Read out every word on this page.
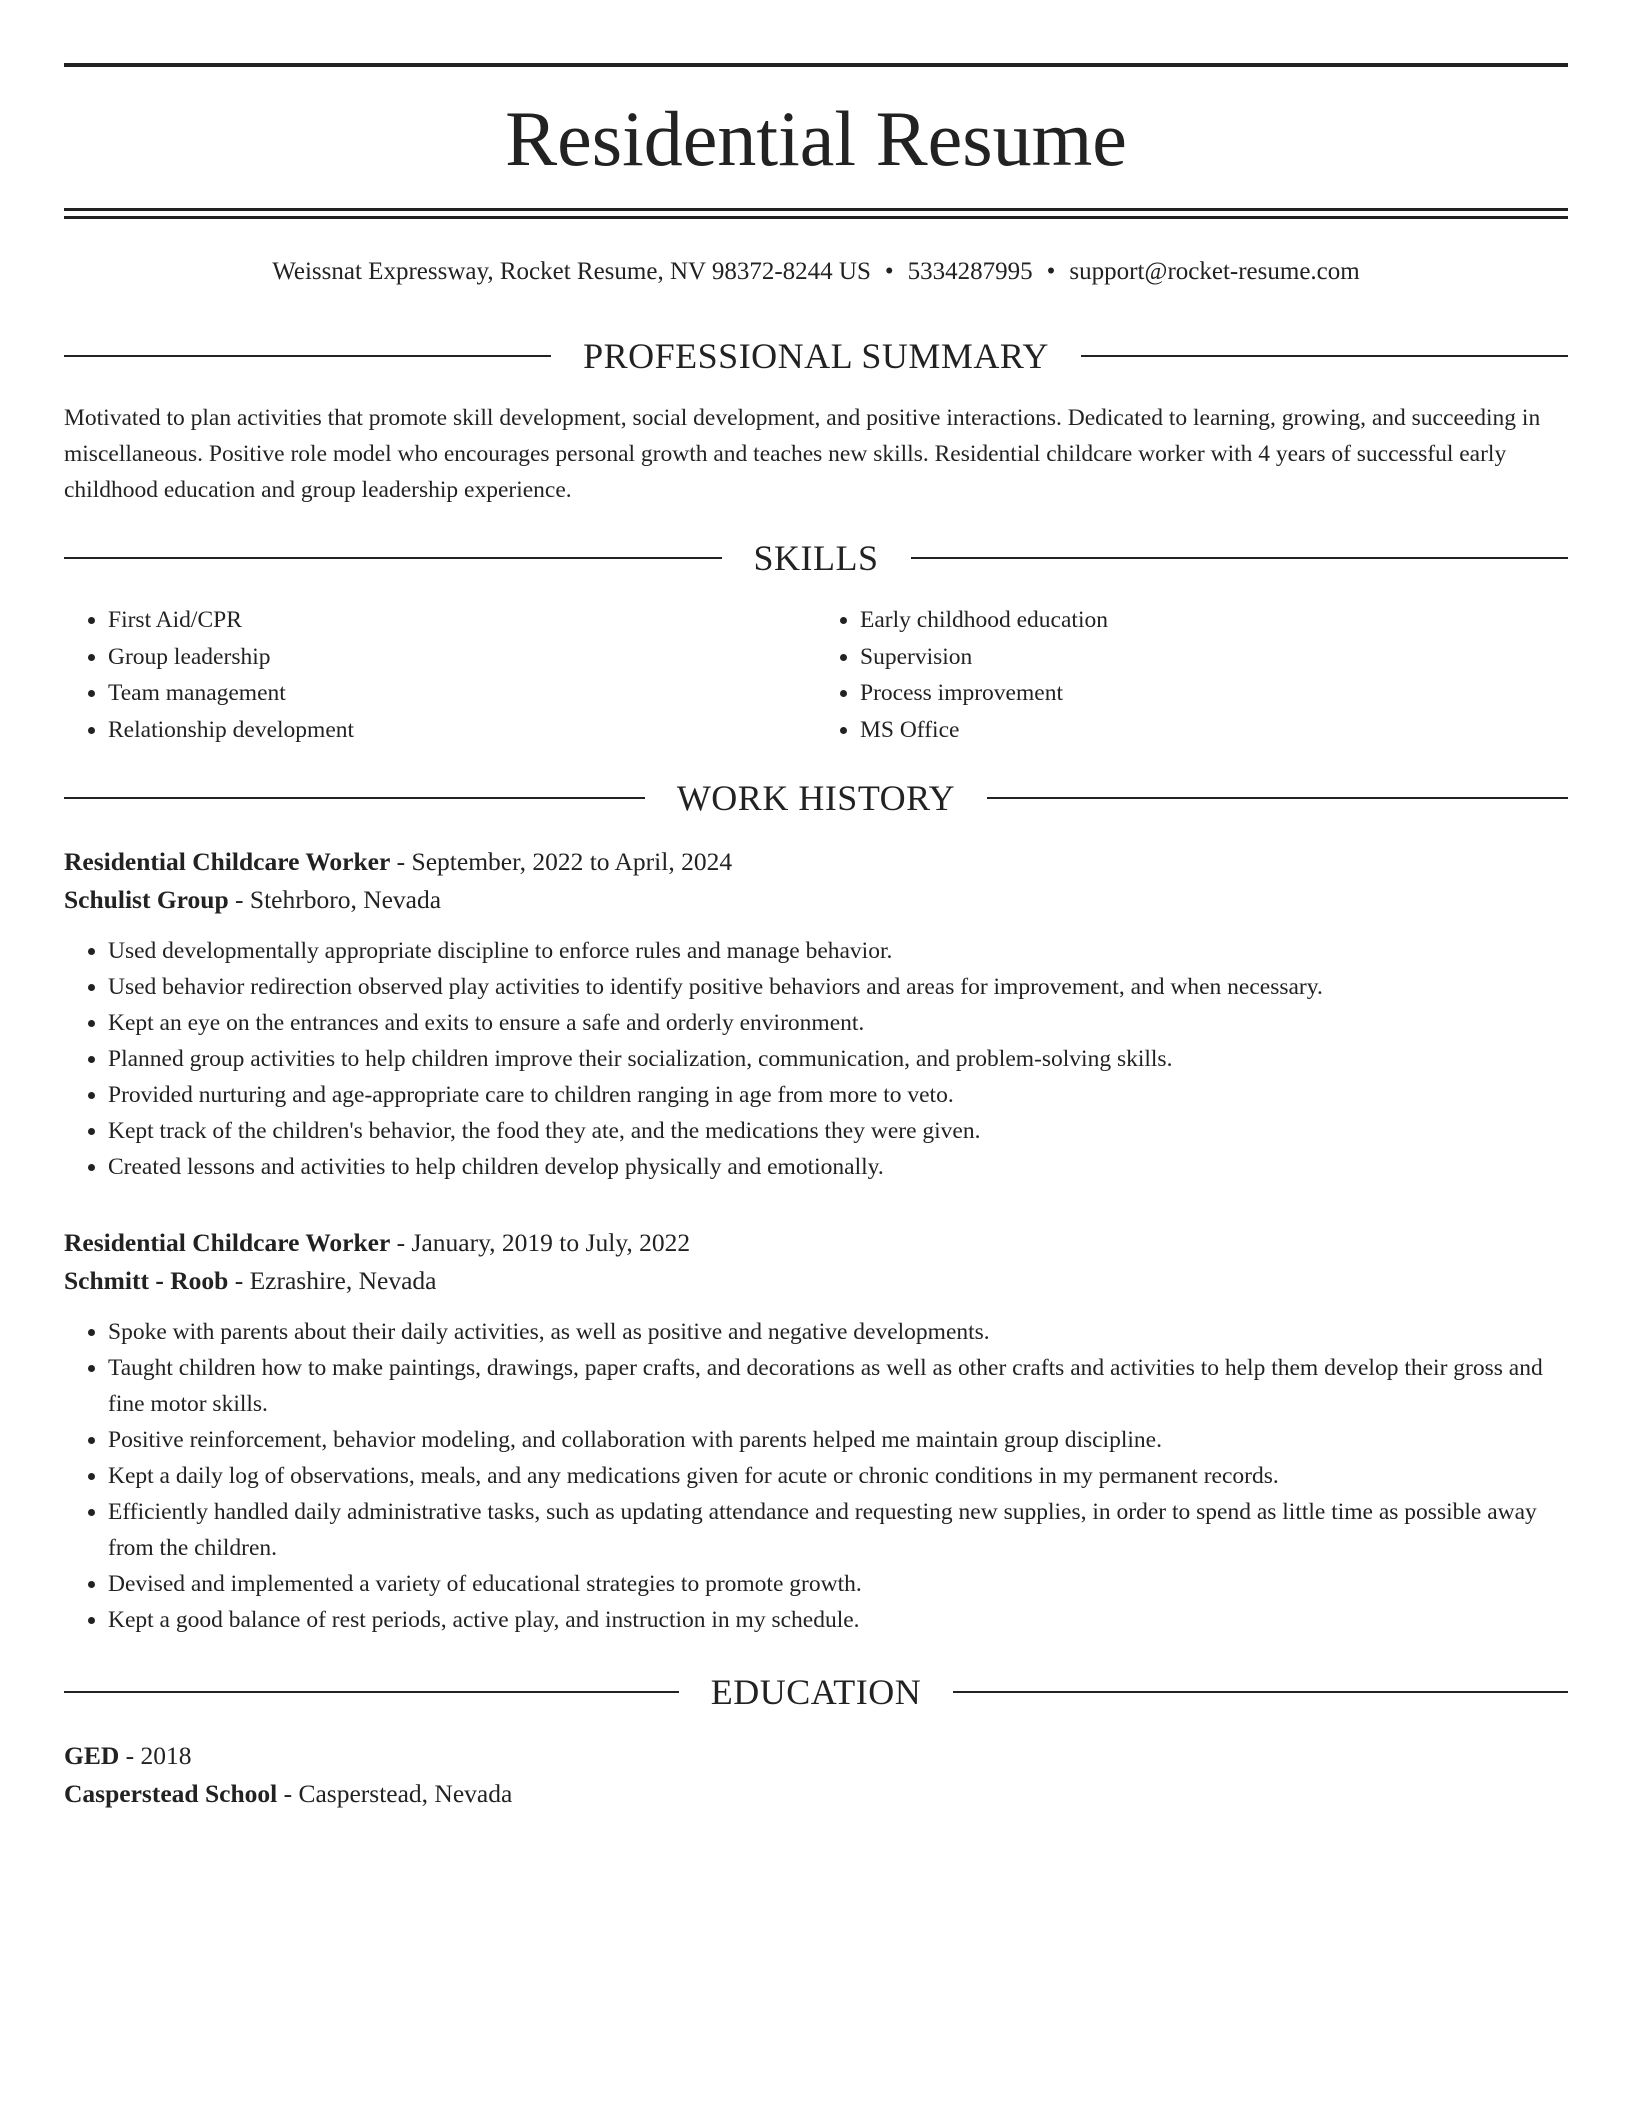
Residential Resume
Weissnat Expressway, Rocket Resume, NV 98372-8244 US • 5334287995 • support@rocket-resume.com
PROFESSIONAL SUMMARY

Motivated to plan activities that promote skill development, social development, and positive interactions. Dedicated to learning, growing, and succeeding in miscellaneous. Positive role model who encourages personal growth and teaches new skills. Residential childcare worker with 4 years of successful early childhood education and group leadership experience.

SKILLS
• First Aid/CPR
• Group leadership
• Team management
• Relationship development
• Early childhood education
• Supervision
• Process improvement
• MS Office
WORK HISTORY
Residential Childcare Worker - September, 2022 to April, 2024
Schulist Group - Stehrboro, Nevada
• Used developmentally appropriate discipline to enforce rules and manage behavior.
• Used behavior redirection observed play activities to identify positive behaviors and areas for improvement, and when necessary.
• Kept an eye on the entrances and exits to ensure a safe and orderly environment.
• Planned group activities to help children improve their socialization, communication, and problem-solving skills.
• Provided nurturing and age-appropriate care to children ranging in age from more to veto.
• Kept track of the children's behavior, the food they ate, and the medications they were given.
• Created lessons and activities to help children develop physically and emotionally.
Residential Childcare Worker - January, 2019 to July, 2022
Schmitt - Roob - Ezrashire, Nevada
• Spoke with parents about their daily activities, as well as positive and negative developments.
• Taught children how to make paintings, drawings, paper crafts, and decorations as well as other crafts and activities to help them develop their gross and fine motor skills.
• Positive reinforcement, behavior modeling, and collaboration with parents helped me maintain group discipline.
• Kept a daily log of observations, meals, and any medications given for acute or chronic conditions in my permanent records.
• Efficiently handled daily administrative tasks, such as updating attendance and requesting new supplies, in order to spend as little time as possible away from the children.
• Devised and implemented a variety of educational strategies to promote growth.
• Kept a good balance of rest periods, active play, and instruction in my schedule.
EDUCATION
GED - 2018
Casperstead School - Casperstead, Nevada
